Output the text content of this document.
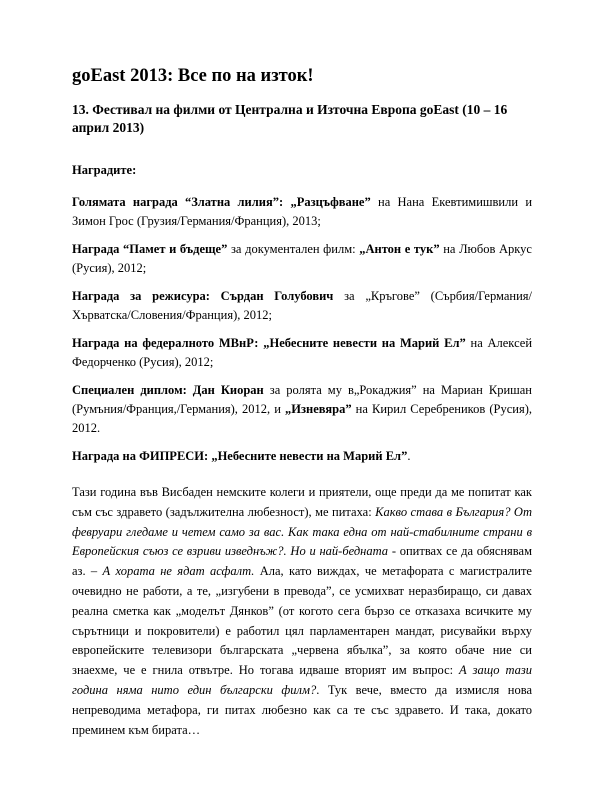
goEast 2013: Все по на изток!

13. Фестивал на филми от Централна и Източна Европа goEast (10 – 16 април 2013)

Наградите:

Голямата награда “Златна лилия”: „Разцъфване” на Нана Екевтимишвили и Зимон Грос (Грузия/Германия/Франция), 2013;

Награда “Памет и бъдеще” за документален филм: „Антон е тук” на Любов Аркус (Русия), 2012;

Награда за режисура: Сърдан Голубович за „Кръгове” (Сърбия/Германия/ Хърватска/Словения/Франция), 2012;

Награда на федералното МВнР: „Небесните невести на Марий Ел” на Алексей Федорченко (Русия), 2012;

Специален диплом: Дан Киоран за ролята му в„Рокаджия” на Мариан Кришан (Румъния/Франция,/Германия), 2012, и „Изневяра” на Кирил Серебреников (Русия), 2012.

Награда на ФИПРЕСИ: „Небесните невести на Марий Ел”.

Тази година във Висбаден немските колеги и приятели, още преди да ме попитат как съм със здравето (задължителна любезност), ме питаха: Какво става в България? От февруари гледаме и четем само за вас. Как така една от най-стабилните страни в Европейския съюз се взриви изведнъж?. Но и най-бедната - опитвах се да обяснявам аз. – А хората не ядат асфалт. Ала, като виждах, че метафората с магистралите очевидно не работи, а те, „изгубени в превода”, се усмихват неразбиращо, си давах реална сметка как „моделът Дянков” (от когото сега бързо се отказаха всичките му сърътници и покровители) е работил цял парламентарен мандат, рисувайки върху европейските телевизори българската „червена ябълка”, за която обаче ние си знаехме, че е гнила отвътре. Но тогава идваше вторият им въпрос: А защо тази година няма нито един български филм?. Тук вече, вместо да измисля нова непреводима метафора, ги питах любезно как са те със здравето. И така, докато преминем към бирата…
